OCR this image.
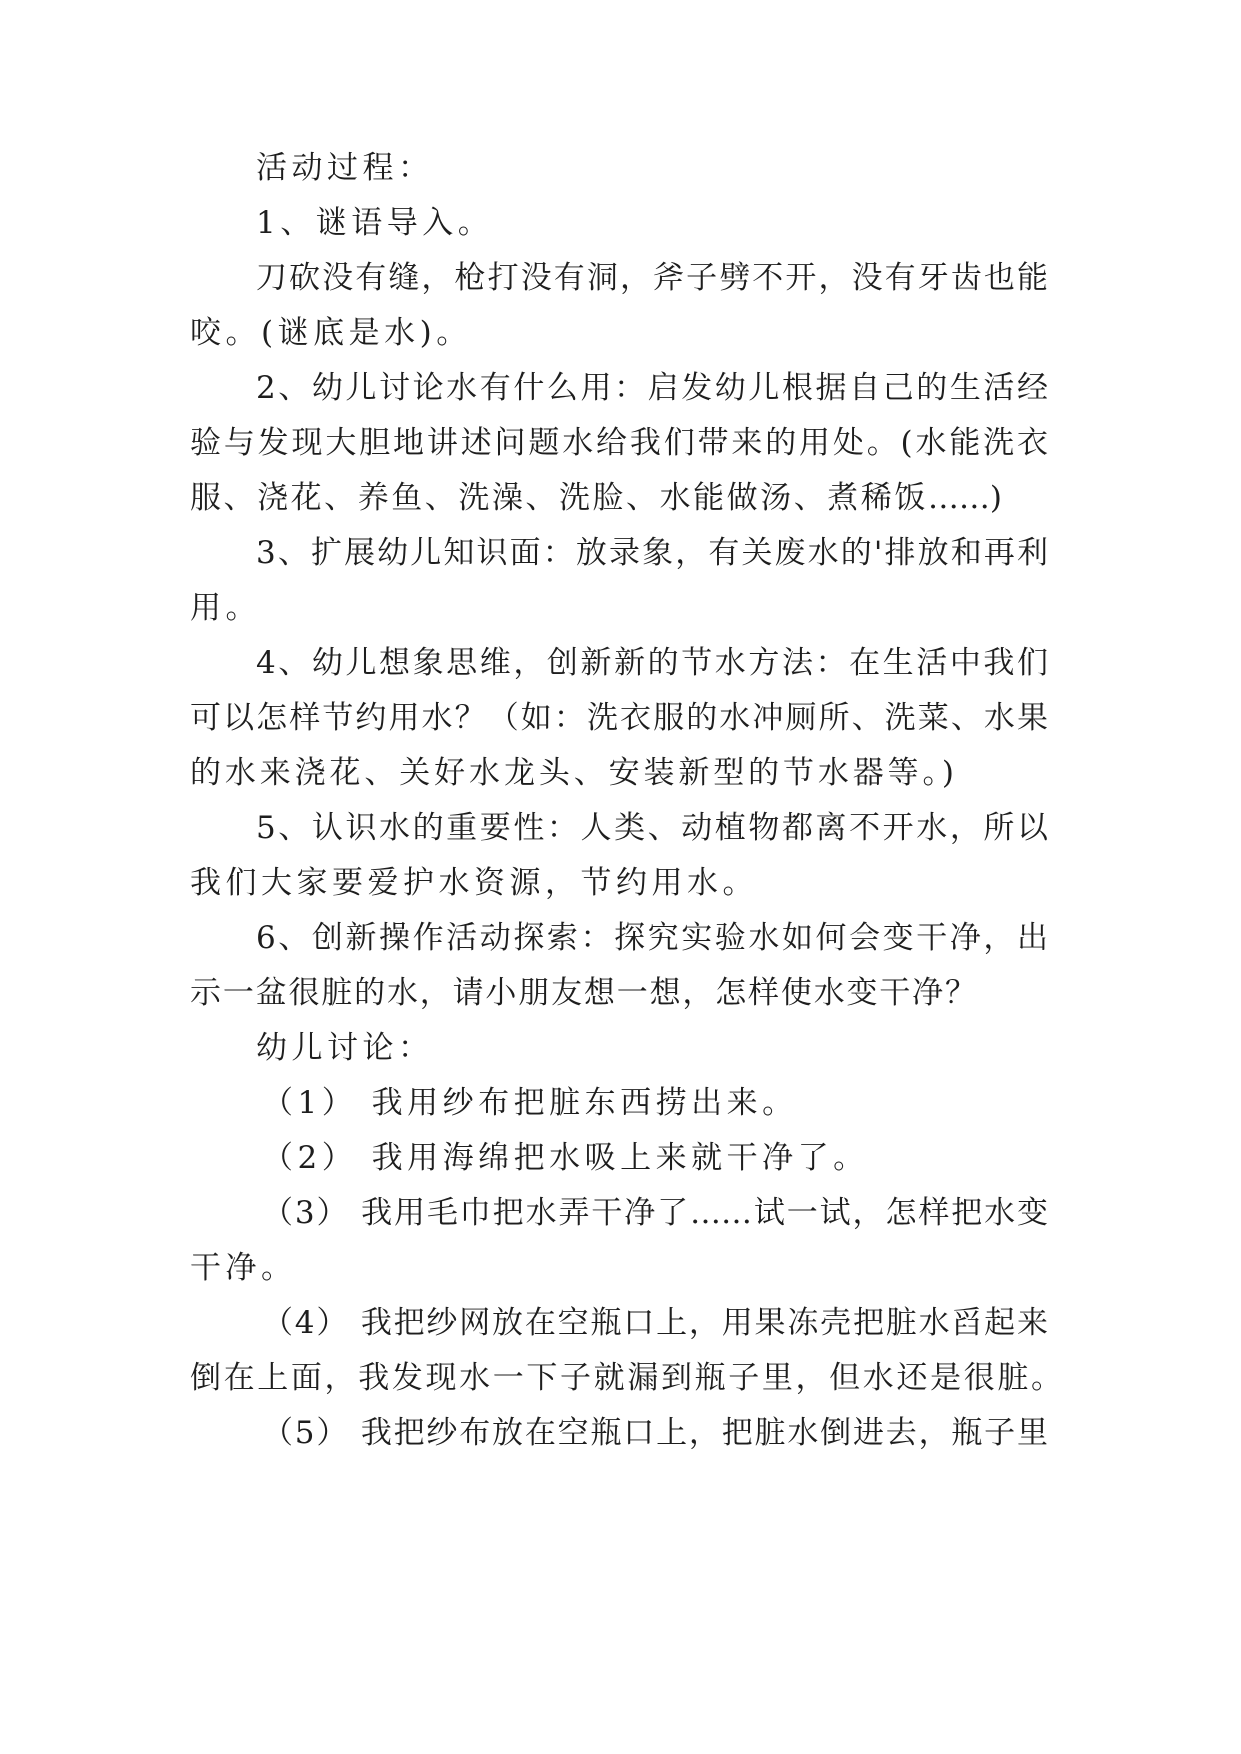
活动过程：
1、谜语导入。
刀砍没有缝，枪打没有洞，斧子劈不开，没有牙齿也能
咬。(谜底是水)。
2、幼儿讨论水有什么用：启发幼儿根据自己的生活经
验与发现大胆地讲述问题水给我们带来的用处。(水能洗衣
服、浇花、养鱼、洗澡、洗脸、水能做汤、煮稀饭……)
3、扩展幼儿知识面：放录象，有关废水的'排放和再利
用。
4、幼儿想象思维，创新新的节水方法：在生活中我们
可以怎样节约用水？（如：洗衣服的水冲厕所、洗菜、水果
的水来浇花、关好水龙头、安装新型的节水器等。)
5、认识水的重要性：人类、动植物都离不开水，所以
我们大家要爱护水资源，节约用水。
6、创新操作活动探索：探究实验水如何会变干净，出
示一盆很脏的水，请小朋友想一想，怎样使水变干净？
幼儿讨论：
（1） 我用纱布把脏东西捞出来。
（2） 我用海绵把水吸上来就干净了。
（3） 我用毛巾把水弄干净了……试一试，怎样把水变
干净。
（4） 我把纱网放在空瓶口上，用果冻壳把脏水舀起来
倒在上面，我发现水一下子就漏到瓶子里，但水还是很脏。
（5） 我把纱布放在空瓶口上，把脏水倒进去，瓶子里
